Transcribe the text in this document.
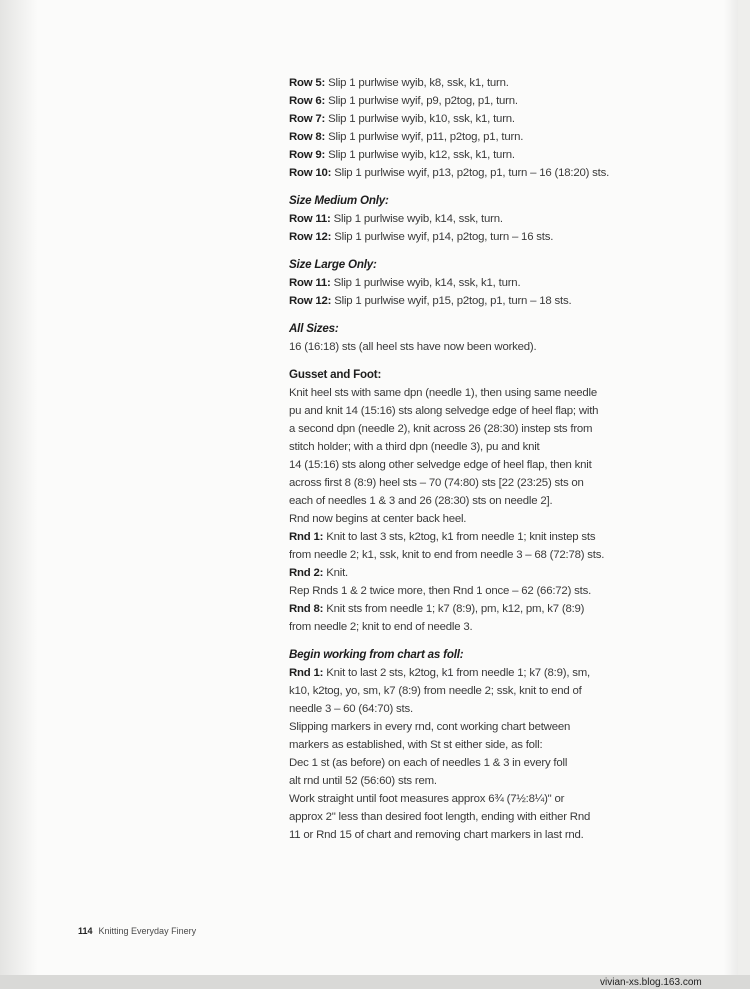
Row 5: Slip 1 purlwise wyib, k8, ssk, k1, turn.
Row 6: Slip 1 purlwise wyif, p9, p2tog, p1, turn.
Row 7: Slip 1 purlwise wyib, k10, ssk, k1, turn.
Row 8: Slip 1 purlwise wyif, p11, p2tog, p1, turn.
Row 9: Slip 1 purlwise wyib, k12, ssk, k1, turn.
Row 10: Slip 1 purlwise wyif, p13, p2tog, p1, turn – 16 (18:20) sts.
Size Medium Only:
Row 11: Slip 1 purlwise wyib, k14, ssk, turn.
Row 12: Slip 1 purlwise wyif, p14, p2tog, turn – 16 sts.
Size Large Only:
Row 11: Slip 1 purlwise wyib, k14, ssk, k1, turn.
Row 12: Slip 1 purlwise wyif, p15, p2tog, p1, turn – 18 sts.
All Sizes:
16 (16:18) sts (all heel sts have now been worked).
Gusset and Foot:
Knit heel sts with same dpn (needle 1), then using same needle
pu and knit 14 (15:16) sts along selvedge edge of heel flap; with
a second dpn (needle 2), knit across 26 (28:30) instep sts from
stitch holder; with a third dpn (needle 3), pu and knit
14 (15:16) sts along other selvedge edge of heel flap, then knit
across first 8 (8:9) heel sts – 70 (74:80) sts [22 (23:25) sts on
each of needles 1 & 3 and 26 (28:30) sts on needle 2].
Rnd now begins at center back heel.
Rnd 1: Knit to last 3 sts, k2tog, k1 from needle 1; knit instep sts
from needle 2; k1, ssk, knit to end from needle 3 – 68 (72:78) sts.
Rnd 2: Knit.
Rep Rnds 1 & 2 twice more, then Rnd 1 once – 62 (66:72) sts.
Rnd 8: Knit sts from needle 1; k7 (8:9), pm, k12, pm, k7 (8:9)
from needle 2; knit to end of needle 3.
Begin working from chart as foll:
Rnd 1: Knit to last 2 sts, k2tog, k1 from needle 1; k7 (8:9), sm,
k10, k2tog, yo, sm, k7 (8:9) from needle 2; ssk, knit to end of
needle 3 – 60 (64:70) sts.
Slipping markers in every rnd, cont working chart between
markers as established, with St st either side, as foll:
Dec 1 st (as before) on each of needles 1 & 3 in every foll
alt rnd until 52 (56:60) sts rem.
Work straight until foot measures approx 6¾ (7½:8¼)" or
approx 2" less than desired foot length, ending with either Rnd
11 or Rnd 15 of chart and removing chart markers in last rnd.
114 Knitting Everyday Finery
vivian-xs.blog.163.com
